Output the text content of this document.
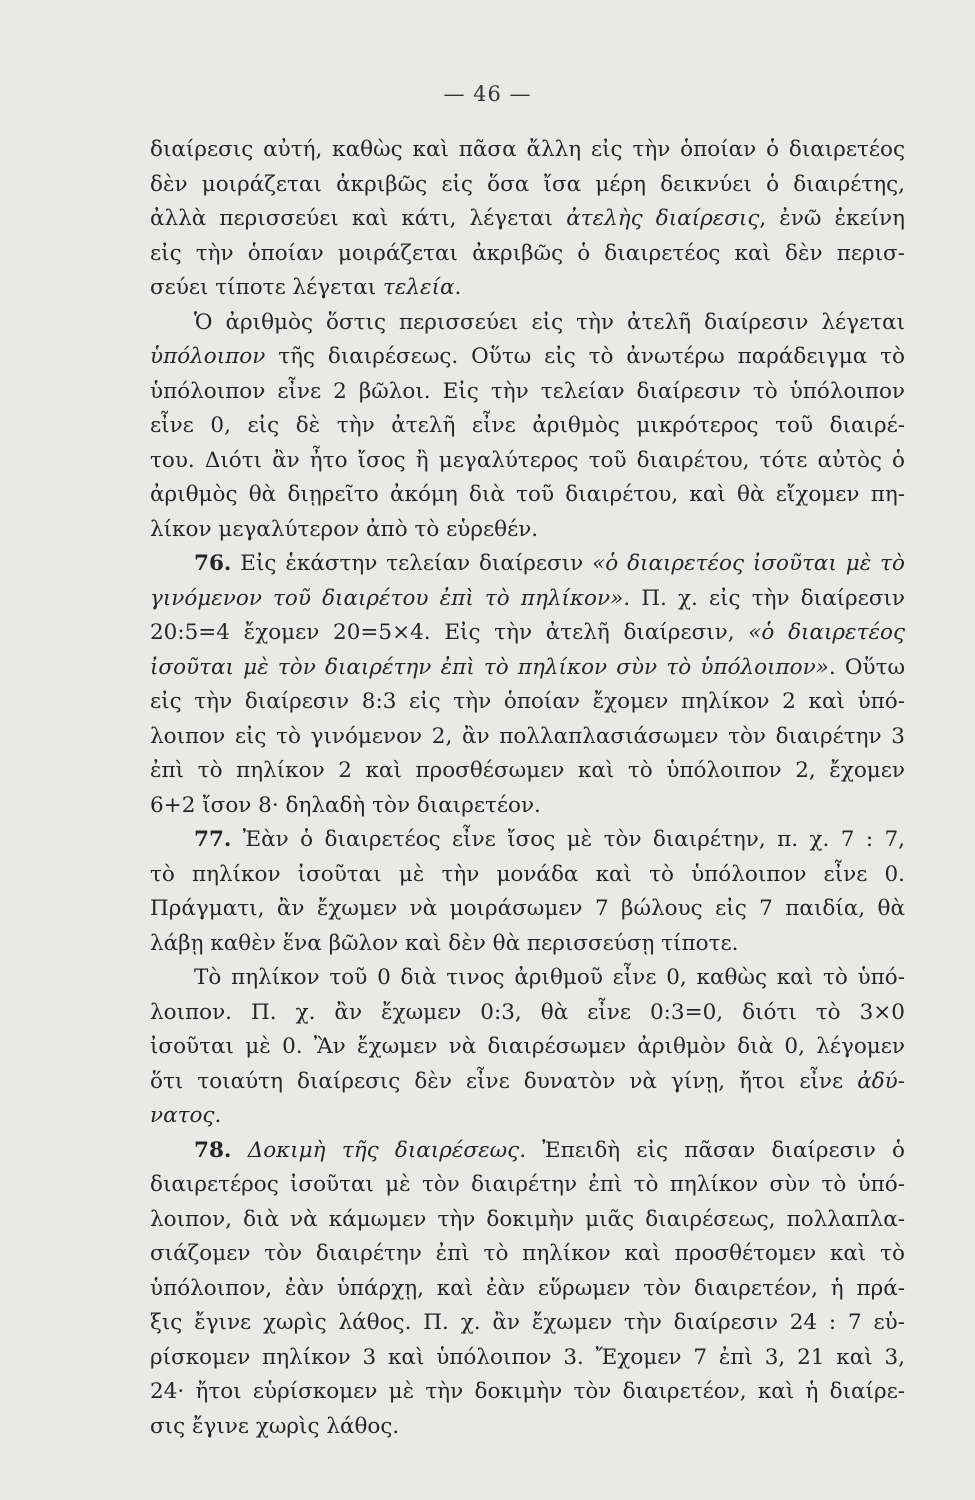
— 46 —
διαίρεσις αὐτή, καθὼς καὶ πᾶσα ἄλλη εἰς τὴν ὁποίαν ὁ διαιρετέος
δὲν μοιράζεται ἀκριβῶς εἰς ὅσα ἴσα μέρη δεικνύει ὁ διαιρέτης,
ἀλλὰ περισσεύει καὶ κάτι, λέγεται ἀτελὴς διαίρεσις, ἐνῶ ἐκείνη
εἰς τὴν ὁποίαν μοιράζεται ἀκριβῶς ὁ διαιρετέος καὶ δὲν περισ-
σεύει τίποτε λέγεται τελεία.
Ὁ ἀριθμὸς ὅστις περισσεύει εἰς τὴν ἀτελῆ διαίρεσιν λέγεται
ὑπόλοιπον τῆς διαιρέσεως. Οὕτω εἰς τὸ ἀνωτέρω παράδειγμα τὸ
ὑπόλοιπον εἶνε 2 βῶλοι. Εἰς τὴν τελείαν διαίρεσιν τὸ ὑπόλοιπον
εἶνε 0, εἰς δὲ τὴν ἀτελῆ εἶνε ἀριθμὸς μικρότερος τοῦ διαιρέ-
του. Διότι ἂν ἦτο ἴσος ἢ μεγαλύτερος τοῦ διαιρέτου, τότε αὐτὸς ὁ
ἀριθμὸς θὰ διῃρεῖτο ἀκόμη διὰ τοῦ διαιρέτου, καὶ θὰ εἴχομεν πη-
λίκον μεγαλύτερον ἀπὸ τὸ εὑρεθέν.
76. Εἰς ἑκάστην τελείαν διαίρεσιν «ὁ διαιρετέος ἰσοῦται μὲ τὸ
γινόμενον τοῦ διαιρέτου ἐπὶ τὸ πηλίκον». Π. χ. εἰς τὴν διαίρεσιν
20:5=4 ἔχομεν 20=5×4. Εἰς τὴν ἀτελῆ διαίρεσιν, «ὁ διαιρετέος
ἰσοῦται μὲ τὸν διαιρέτην ἐπὶ τὸ πηλίκον σὺν τὸ ὑπόλοιπον». Οὕτω
εἰς τὴν διαίρεσιν 8:3 εἰς τὴν ὁποίαν ἔχομεν πηλίκον 2 καὶ ὑπό-
λοιπον εἰς τὸ γινόμενον 2, ἂν πολλαπλασιάσωμεν τὸν διαιρέτην 3
ἐπὶ τὸ πηλίκον 2 καὶ προσθέσωμεν καὶ τὸ ὑπόλοιπον 2, ἔχομεν
6+2 ἴσον 8· δηλαδὴ τὸν διαιρετέον.
77. Ἐὰν ὁ διαιρετέος εἶνε ἴσος μὲ τὸν διαιρέτην, π. χ. 7 : 7,
τὸ πηλίκον ἰσοῦται μὲ τὴν μονάδα καὶ τὸ ὑπόλοιπον εἶνε 0.
Πράγματι, ἂν ἔχωμεν νὰ μοιράσωμεν 7 βώλους εἰς 7 παιδία, θὰ
λάβῃ καθὲν ἕνα βῶλον καὶ δὲν θὰ περισσεύσῃ τίποτε.
Τὸ πηλίκον τοῦ 0 διὰ τινος ἀριθμοῦ εἶνε 0, καθὼς καὶ τὸ ὑπό-
λοιπον. Π. χ. ἂν ἔχωμεν 0:3, θὰ εἶνε 0:3=0, διότι τὸ 3×0
ἰσοῦται μὲ 0. Ἂν ἔχωμεν νὰ διαιρέσωμεν ἀριθμὸν διὰ 0, λέγομεν
ὅτι τοιαύτη διαίρεσις δὲν εἶνε δυνατὸν νὰ γίνῃ, ἤτοι εἶνε ἀδύ-
νατος.
78. Δοκιμὴ τῆς διαιρέσεως. Ἐπειδὴ εἰς πᾶσαν διαίρεσιν ὁ
διαιρετέρος ἰσοῦται μὲ τὸν διαιρέτην ἐπὶ τὸ πηλίκον σὺν τὸ ὑπό-
λοιπον, διὰ νὰ κάμωμεν τὴν δοκιμὴν μιᾶς διαιρέσεως, πολλαπλα-
σιάζομεν τὸν διαιρέτην ἐπὶ τὸ πηλίκον καὶ προσθέτομεν καὶ τὸ
ὑπόλοιπον, ἐὰν ὑπάρχῃ, καὶ ἐὰν εὕρωμεν τὸν διαιρετέον, ἡ πρά-
ξις ἔγινε χωρὶς λάθος. Π. χ. ἂν ἔχωμεν τὴν διαίρεσιν 24 : 7 εὑ-
ρίσκομεν πηλίκον 3 καὶ ὑπόλοιπον 3. Ἔχομεν 7 ἐπὶ 3, 21 καὶ 3,
24· ἤτοι εὑρίσκομεν μὲ τὴν δοκιμὴν τὸν διαιρετέον, καὶ ἡ διαίρε-
σις ἔγινε χωρὶς λάθος.
